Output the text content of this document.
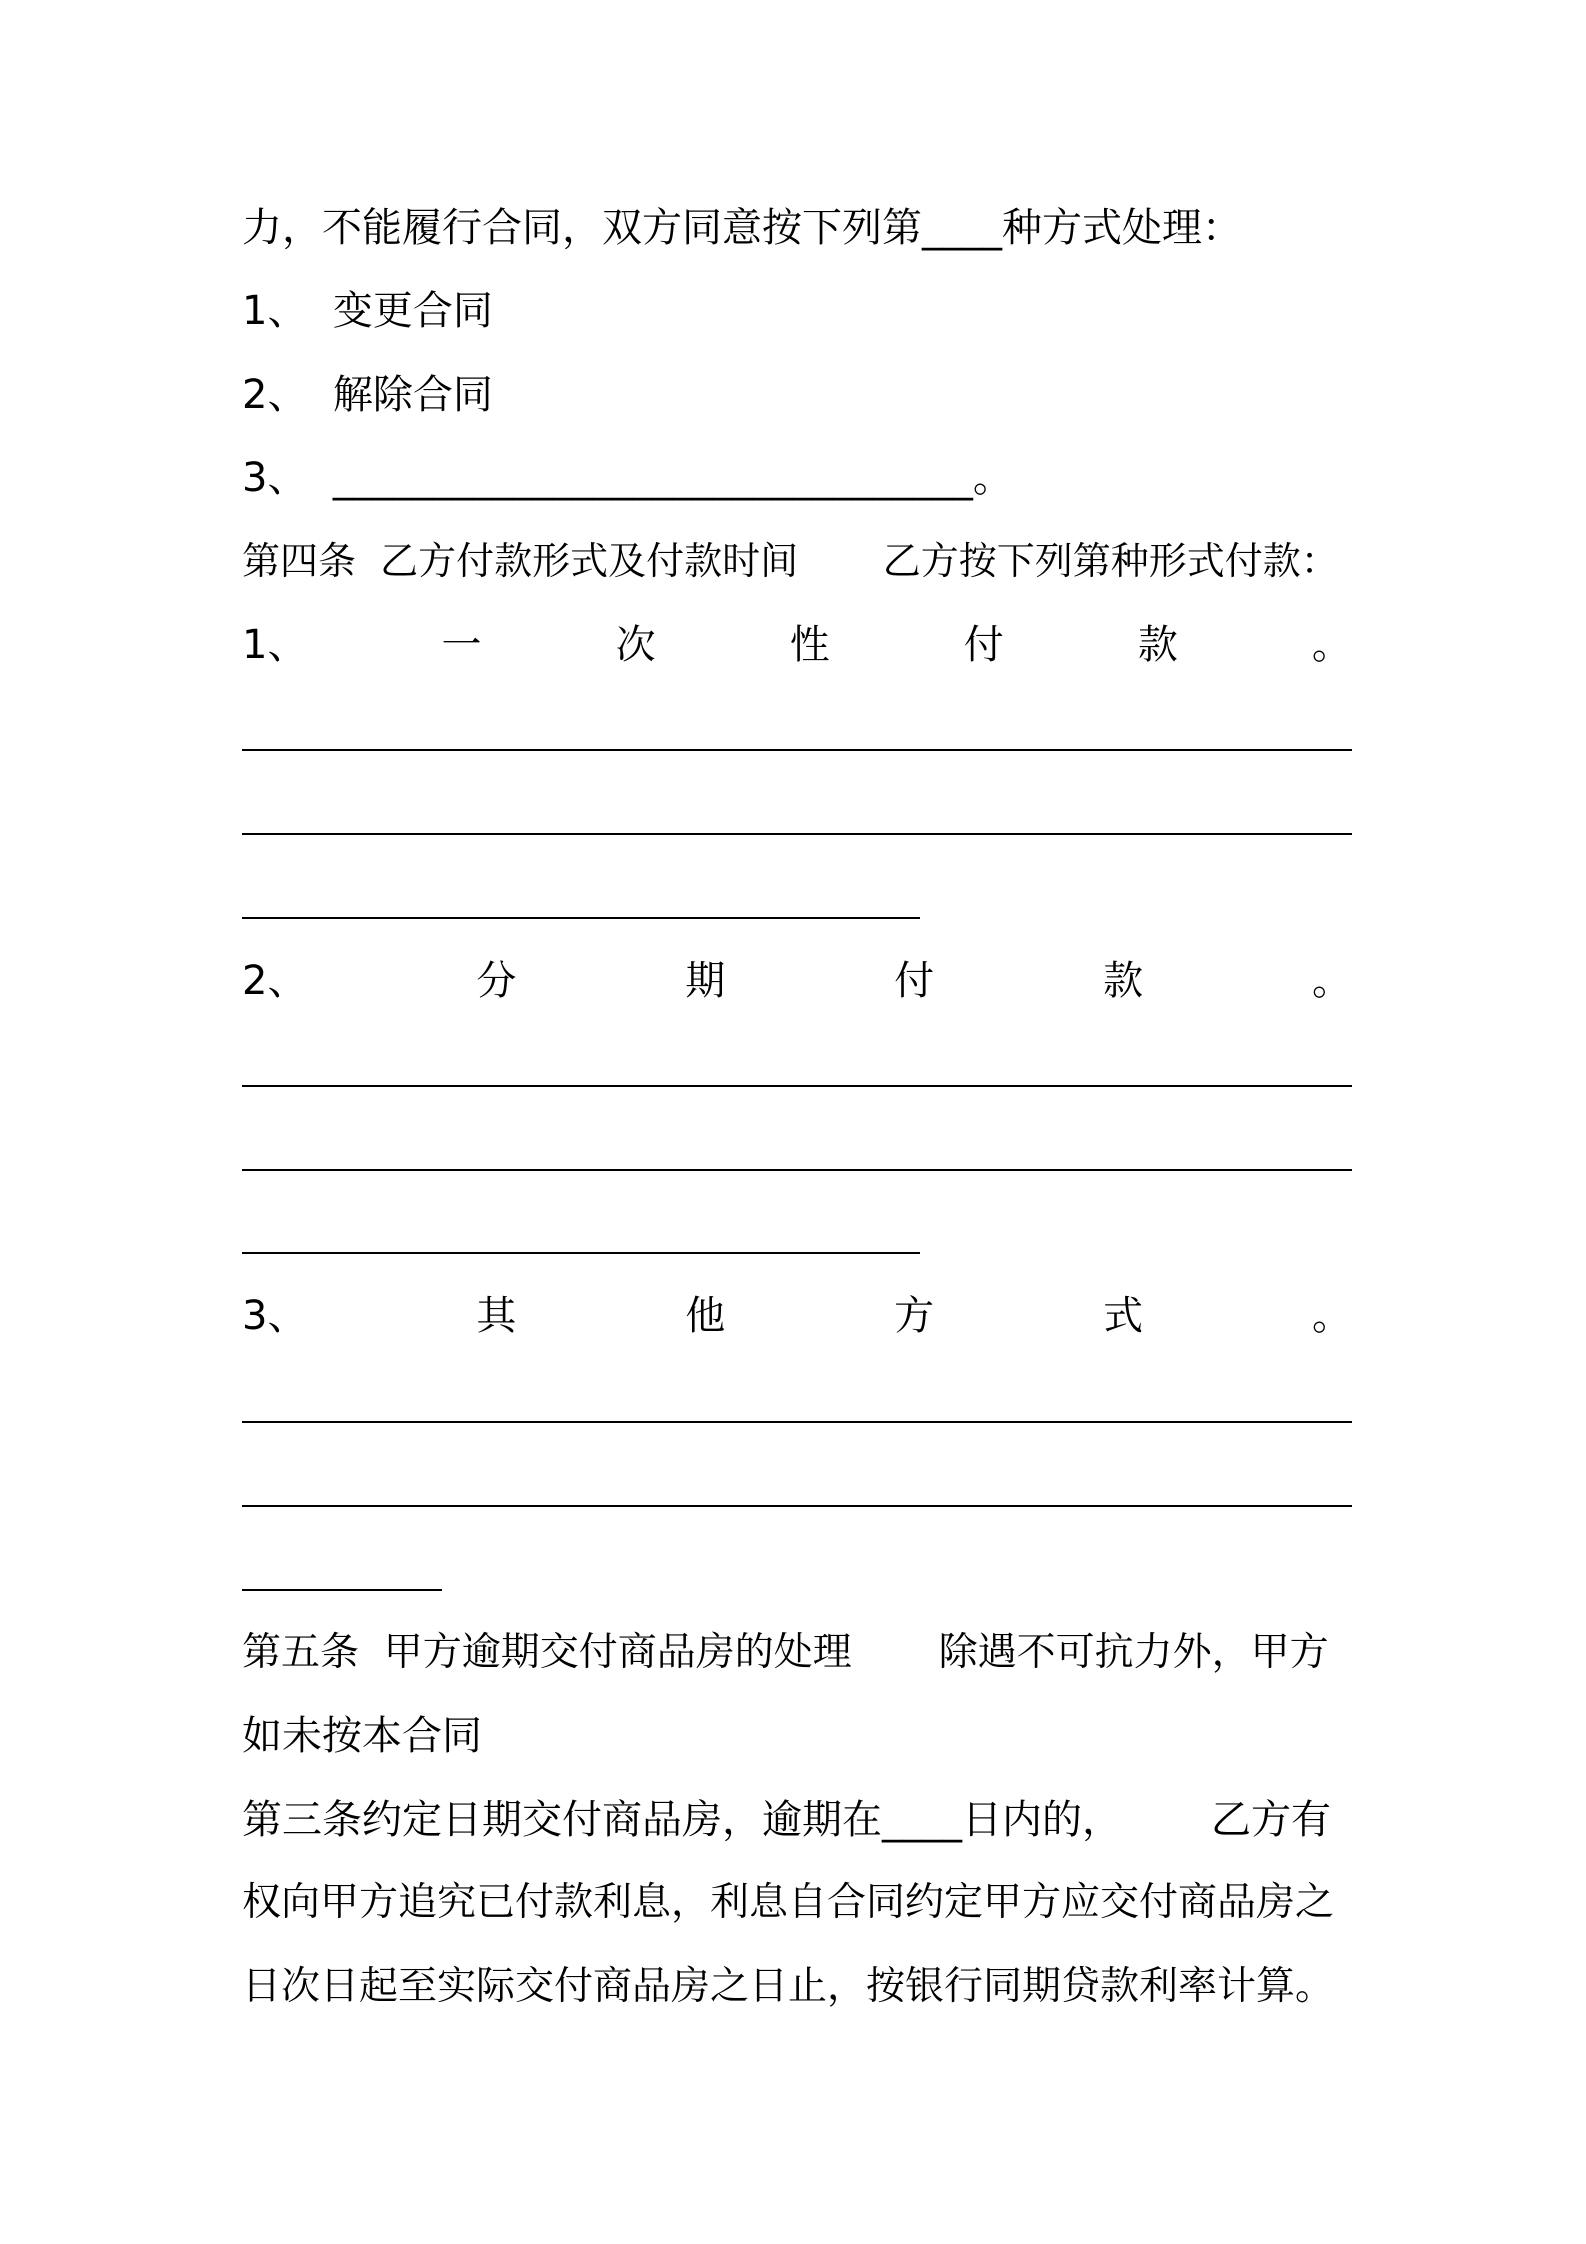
力，不能履行合同，双方同意按下列第____种方式处理：
1、  变更合同
2、  解除合同
3、  ________________________________。
第四条  乙方付款形式及付款时间       乙方按下列第种形式付款：
1、	一	次	性	付	款	。
2、	分	期	付	款	。
3、	其	他	方	式	。
第五条  甲方逾期交付商品房的处理       除遇不可抗力外，甲方
如未按本合同
第三条约定日期交付商品房，逾期在____日内的，       乙方有
权向甲方追究已付款利息，利息自合同约定甲方应交付商品房之
日次日起至实际交付商品房之日止，按银行同期贷款利率计算。
